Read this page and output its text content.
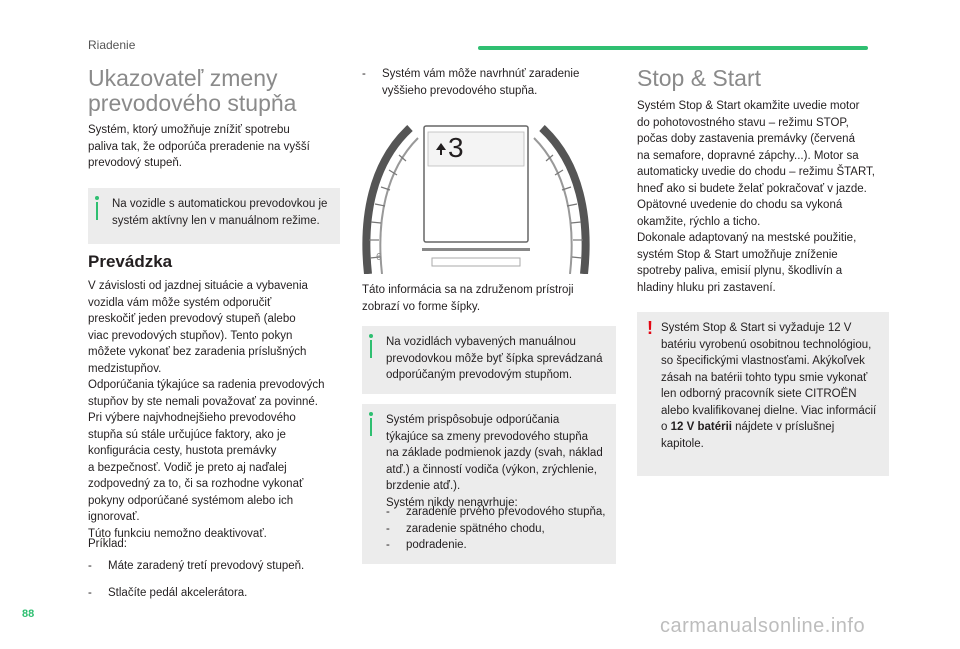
Riadenie
Ukazovateľ zmeny
prevodového stupňa
Systém, ktorý umožňuje znížiť spotrebu
paliva tak, že odporúča preradenie na vyšší
prevodový stupeň.
Na vozidle s automatickou prevodovkou je
systém aktívny len v manuálnom režime.
Prevádzka
V závislosti od jazdnej situácie a vybavenia
vozidla vám môže systém odporučiť
preskočiť jeden prevodový stupeň (alebo
viac prevodových stupňov). Tento pokyn
môžete vykonať bez zaradenia príslušných
medzistupňov.
Odporúčania týkajúce sa radenia prevodových
stupňov by ste nemali považovať za povinné.
Pri výbere najvhodnejšieho prevodového
stupňa sú stále určujúce faktory, ako je
konfigurácia cesty, hustota premávky
a bezpečnosť. Vodič je preto aj naďalej
zodpovedný za to, či sa rozhodne vykonať
pokyny odporúčané systémom alebo ich
ignorovať.
Túto funkciu nemožno deaktivovať.
Príklad:
-	Máte zaradený tretí prevodový stupeň.
-	Stlačíte pedál akcelerátora.
-	Systém vám môže navrhnúť zaradenie
vyššieho prevodového stupňa.
6
3
Táto informácia sa na združenom prístroji
zobrazí vo forme šípky.
Na vozidlách vybavených manuálnou
prevodovkou môže byť šípka sprevádzaná
odporúčaným prevodovým stupňom.
Systém prispôsobuje odporúčania
týkajúce sa zmeny prevodového stupňa
na základe podmienok jazdy (svah, náklad
atď.) a činností vodiča (výkon, zrýchlenie,
brzdenie atď.).
Systém nikdy nenavrhuje:
-	zaradenie prvého prevodového stupňa,
-	zaradenie spätného chodu,
-	podradenie.
Stop & Start
Systém Stop & Start okamžite uvedie motor
do pohotovostného stavu – režimu STOP,
počas doby zastavenia premávky (červená
na semafore, dopravné zápchy...). Motor sa
automaticky uvedie do chodu – režimu ŠTART,
hneď ako si budete želať pokračovať v jazde.
Opätovné uvedenie do chodu sa vykoná
okamžite, rýchlo a ticho.
Dokonale adaptovaný na mestské použitie,
systém Stop & Start umožňuje zníženie
spotreby paliva, emisií plynu, škodlivín a
hladiny hluku pri zastavení.
! Systém Stop & Start si vyžaduje 12 V
batériu vyrobenú osobitnou technológiou,
so špecifickými vlastnosťami. Akýkoľvek
zásah na batérii tohto typu smie vykonať
len odborný pracovník siete CITROËN
alebo kvalifikovanej dielne. Viac informácií
o 12 V batérii nájdete v príslušnej
kapitole.
88
carmanualsonline.info
